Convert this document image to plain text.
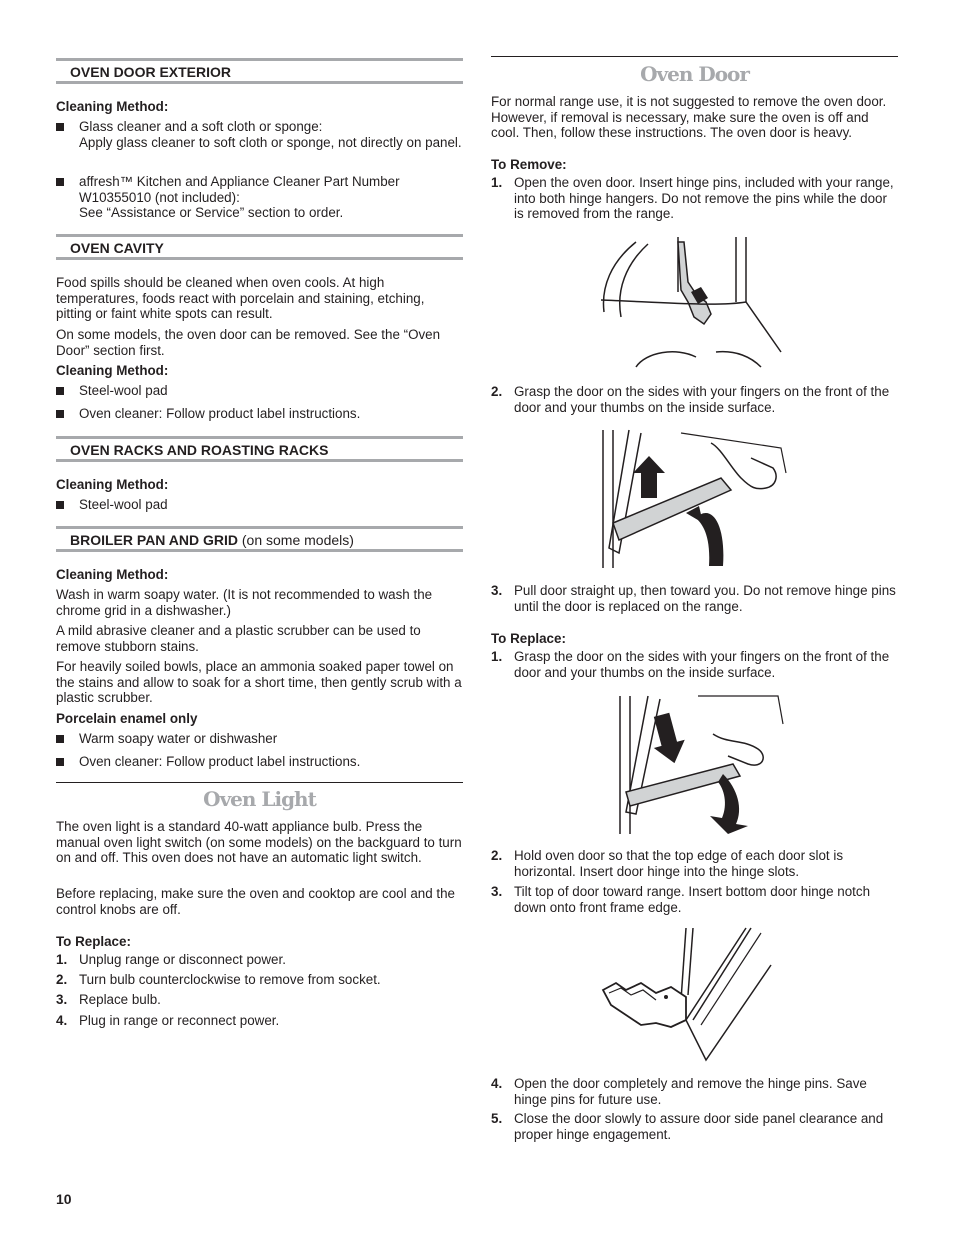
OVEN DOOR EXTERIOR
Cleaning Method:
Glass cleaner and a soft cloth or sponge:
Apply glass cleaner to soft cloth or sponge, not directly on panel.
affresh™ Kitchen and Appliance Cleaner Part Number W10355010 (not included):
See “Assistance or Service” section to order.
OVEN CAVITY
Food spills should be cleaned when oven cools. At high temperatures, foods react with porcelain and staining, etching, pitting or faint white spots can result.
On some models, the oven door can be removed. See the “Oven Door” section first.
Cleaning Method:
Steel-wool pad
Oven cleaner: Follow product label instructions.
OVEN RACKS AND ROASTING RACKS
Cleaning Method:
Steel-wool pad
BROILER PAN AND GRID (on some models)
Cleaning Method:
Wash in warm soapy water. (It is not recommended to wash the chrome grid in a dishwasher.)
A mild abrasive cleaner and a plastic scrubber can be used to remove stubborn stains.
For heavily soiled bowls, place an ammonia soaked paper towel on the stains and allow to soak for a short time, then gently scrub with a plastic scrubber.
Porcelain enamel only
Warm soapy water or dishwasher
Oven cleaner: Follow product label instructions.
Oven Light
The oven light is a standard 40-watt appliance bulb. Press the manual oven light switch (on some models) on the backguard to turn on and off. This oven does not have an automatic light switch.
Before replacing, make sure the oven and cooktop are cool and the control knobs are off.
To Replace:
1. Unplug range or disconnect power.
2. Turn bulb counterclockwise to remove from socket.
3. Replace bulb.
4. Plug in range or reconnect power.
Oven Door
For normal range use, it is not suggested to remove the oven door. However, if removal is necessary, make sure the oven is off and cool. Then, follow these instructions. The oven door is heavy.
To Remove:
1. Open the oven door. Insert hinge pins, included with your range, into both hinge hangers. Do not remove the pins while the door is removed from the range.
2. Grasp the door on the sides with your fingers on the front of the door and your thumbs on the inside surface.
3. Pull door straight up, then toward you. Do not remove hinge pins until the door is replaced on the range.
To Replace:
1. Grasp the door on the sides with your fingers on the front of the door and your thumbs on the inside surface.
2. Hold oven door so that the top edge of each door slot is horizontal. Insert door hinge into the hinge slots.
3. Tilt top of door toward range. Insert bottom door hinge notch down onto front frame edge.
4. Open the door completely and remove the hinge pins. Save hinge pins for future use.
5. Close the door slowly to assure door side panel clearance and proper hinge engagement.
10
